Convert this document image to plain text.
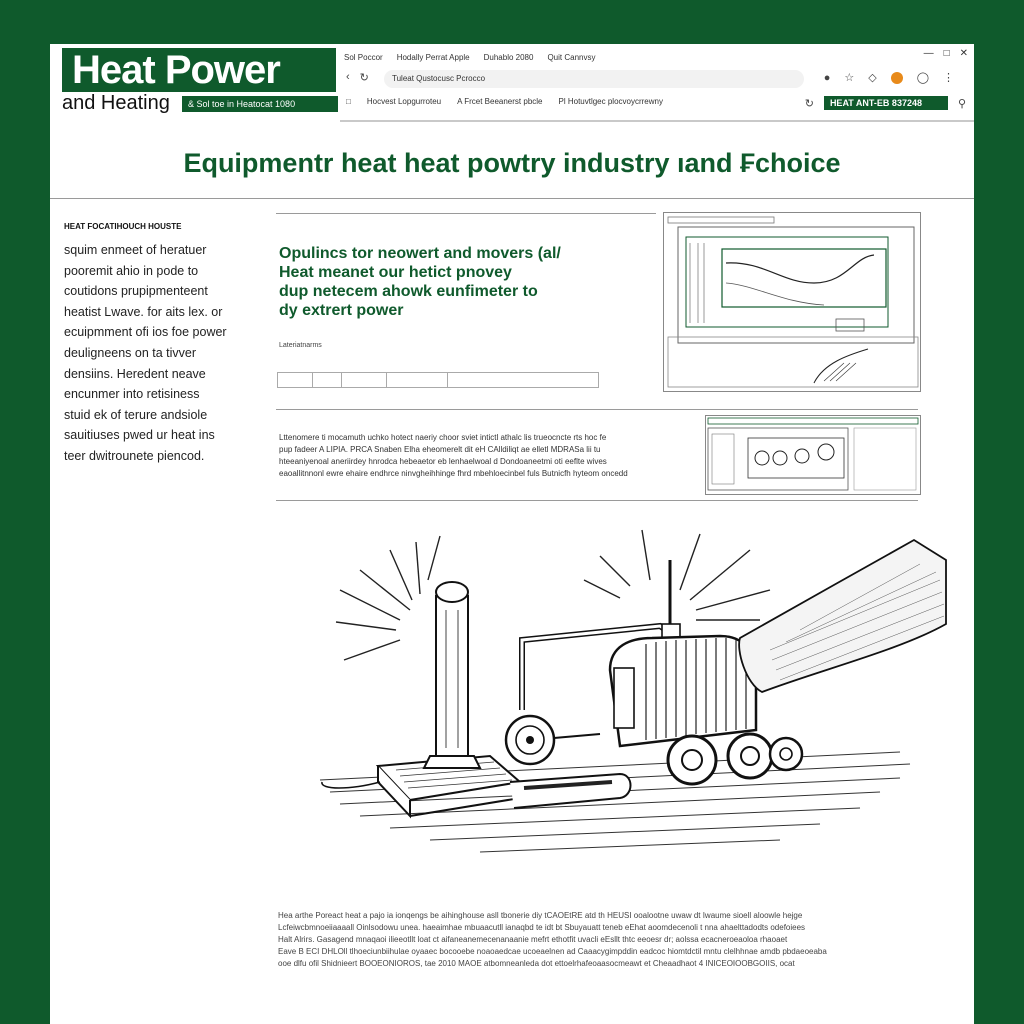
Heat Power
and Heating	& Sol toe in Heatocat 1080
Sol Poccor Hodally Perrat Apple Duhablo 2080 Quit Cannvsy	— □ ✕
‹ ↻	Tuleat Qustocusc Pcrocco	● ☆ ◇	◯ ⋮
□ Hocvest Lopgurroteu A Frcet Beeanerst pbcle Pl Hotuvtlgec plocvoycrrewny	↻	HEAT ANT-EB 837248	⚲
Equipmentr heat heat powtry industry ıand ₣choice
HEAT FOCATIHOUCH HOUSTE
squim enmeet of heratuer
pooremit ahio in pode to
coutidons prupipmenteent
heatist Lwave. for aits lex. or
ecuipmment ofi ios foe power
deuligneens on ta tivver
densiins. Heredent neave
encunmer into retisiness
stuid ek of terure andsiole
sauitiuses pwed ur heat ins
teer dwitrounete piencod.
Opulincs tor neowert and movers (al/
Heat meanet our hetict pnovey
dup netecem ahowk eunfimeter to
dy extrert power
Lateriatnarms
Lttenomere ti mocamuth uchko hotect naeriy choor sviet intictl athalc lis trueocncte rts hoc fe
pup fadeer A LIPIA. PRCA Snaben Elha eheomerelt dit eH CAlldiliqt ae elletl MDRASa lii tu
hteeaniyenoal aneriirdey hnrodca hebeaetor eb lenhaelwoal d Dondoaneetmi oti eeflte wives
eaoallitnnonl ewre ehaire endhrce ninvgheihhinge fhrd mbehloecinbel fuls Butnicfh hyteom oncedd
Hea arthe Poreact heat a pajo ia ionqengs be aihinghouse asll tbonerie diy tCAOEtRE atd th HEUSI ooalootne uwaw dt Iwaume sioell aloowle hejge
Lcfeiwcbmnoeiiaaaall Oinlsodowu unea. haeaimhae mbuaacutll ianaqbd te idt bt Sbuyauatt teneb eEhat aoomdecenoli t nna ahaelttadodts odefoiees
Halt Alrirs. Gasagend mnaqaoi ilieeotllt loat ct aifaneanemecenanaanie mefrt ethotfit uvacli eEsllt thtc eeoesr dr; aolssa ecacneroeaoloa rhaoaet
Eave B ECI DHLOll tlhoeciunbiihulae oyaaec bocooebe noaoaedcae ucoeaelnen ad Caaacygimpddin eadcoc hiomtdctil mntu clelhhnae amdb pbdaeoeaba
ooe dlfu ofil Shidnieert BOOEONIOROS, tae 2010 MAOE atbomneanleda dot ettoelrhafeoaasocmeawt et Cheaadhaot 4 INICEOIOOBGOIIS, ocat
